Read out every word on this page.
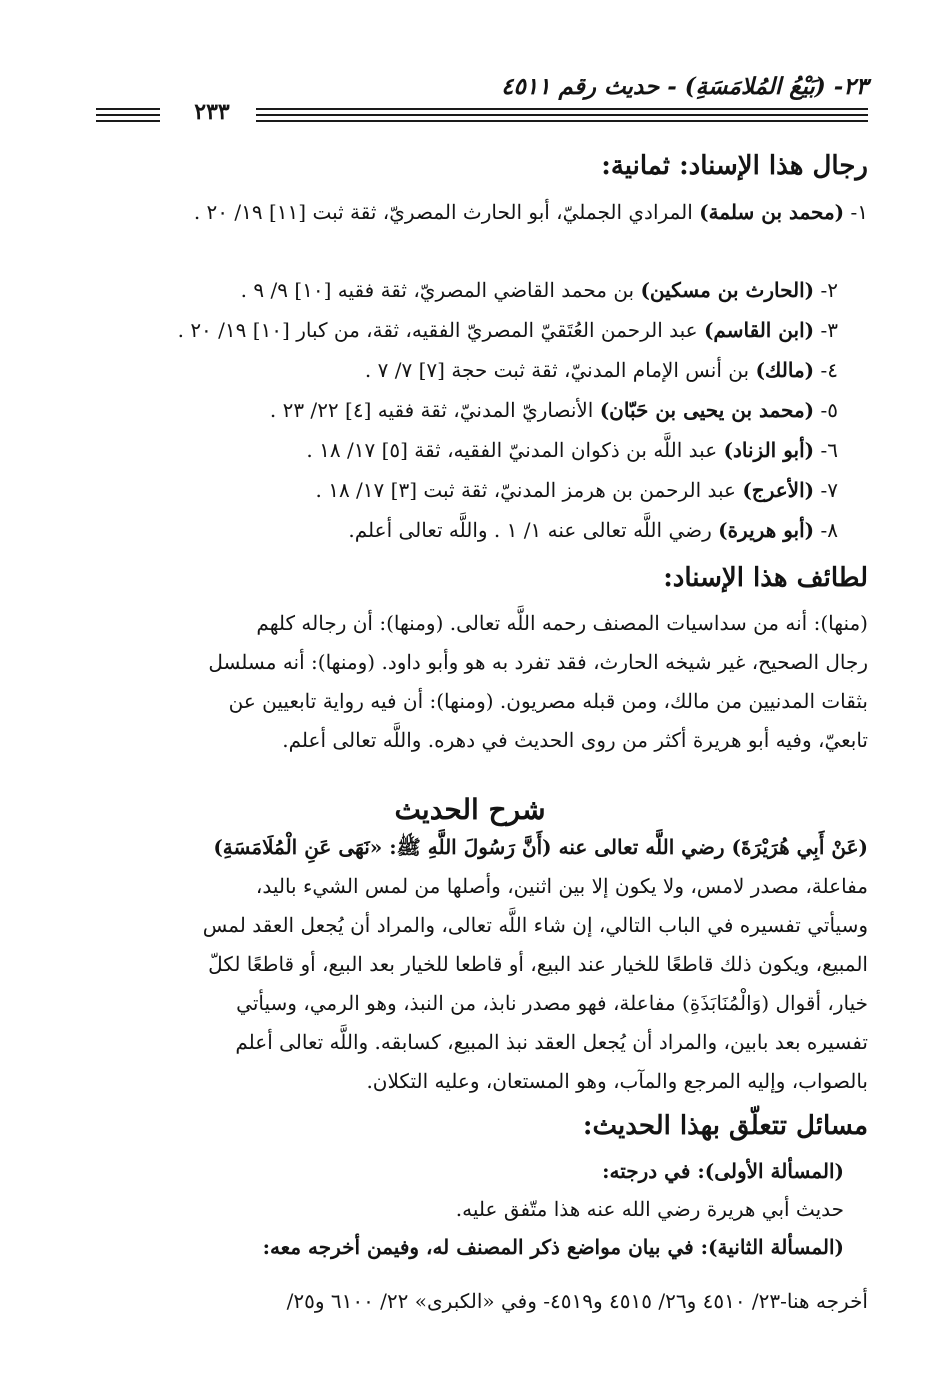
٢٣- (بَيْعُ المُلامَسَةِ) - حديث رقم ٤٥١١
٢٣٣

رجال هذا الإسناد: ثمانية:

١- (محمد بن سلمة) المرادي الجمليّ، أبو الحارث المصريّ، ثقة ثبت [١١] ١٩/ ٢٠ .

٢- (الحارث بن مسكين) بن محمد القاضي المصريّ، ثقة فقيه [١٠] ٩/ ٩ .

٣- (ابن القاسم) عبد الرحمن العُتَقيّ المصريّ الفقيه، ثقة، من كبار [١٠] ١٩/ ٢٠ .

٤- (مالك) بن أنس الإمام المدنيّ، ثقة ثبت حجة [٧] ٧/ ٧ .

٥- (محمد بن يحيى بن حَبّان) الأنصاريّ المدنيّ، ثقة فقيه [٤] ٢٢/ ٢٣ .

٦- (أبو الزناد) عبد اللَّه بن ذكوان المدنيّ الفقيه، ثقة [٥] ١٧/ ١٨ .

٧- (الأعرج) عبد الرحمن بن هرمز المدنيّ، ثقة ثبت [٣] ١٧/ ١٨ .

٨- (أبو هريرة) رضي اللَّه تعالى عنه ١/ ١ . واللَّه تعالى أعلم.

لطائف هذا الإسناد:

(منها): أنه من سداسيات المصنف رحمه اللَّه تعالى. (ومنها): أن رجاله كلهم

رجال الصحيح، غير شيخه الحارث، فقد تفرد به هو وأبو داود. (ومنها): أنه مسلسل

بثقات المدنيين من مالك، ومن قبله مصريون. (ومنها): أن فيه رواية تابعيين عن

تابعيّ، وفيه أبو هريرة أكثر من روى الحديث في دهره. واللَّه تعالى أعلم.

شرح الحديث

(عَنْ أَبِي هُرَيْرَةَ) رضي اللَّه تعالى عنه (أَنَّ رَسُولَ اللَّهِ ﷺ: «نَهَى عَنِ الْمُلَامَسَةِ)

مفاعلة، مصدر لامس، ولا يكون إلا بين اثنين، وأصلها من لمس الشيء باليد،

وسيأتي تفسيره في الباب التالي، إن شاء اللَّه تعالى، والمراد أن يُجعل العقد لمس

المبيع، ويكون ذلك قاطعًا للخيار عند البيع، أو قاطعا للخيار بعد البيع، أو قاطعًا لكلّ

خيار، أقوال (وَالْمُنَابَذَةِ) مفاعلة، فهو مصدر نابذ، من النبذ، وهو الرمي، وسيأتي

تفسيره بعد بابين، والمراد أن يُجعل العقد نبذ المبيع، كسابقه. واللَّه تعالى أعلم

بالصواب، وإليه المرجع والمآب، وهو المستعان، وعليه التكلان.

مسائل تتعلّق بهذا الحديث:

(المسألة الأولى): في درجته:

حديث أبي هريرة رضي الله عنه هذا متّفق عليه.

(المسألة الثانية): في بيان مواضع ذكر المصنف له، وفيمن أخرجه معه:

أخرجه هنا-٢٣/ ٤٥١٠ و٢٦/ ٤٥١٥ و٤٥١٩- وفي «الكبرى» ٢٢/ ٦١٠٠ و٢٥/
